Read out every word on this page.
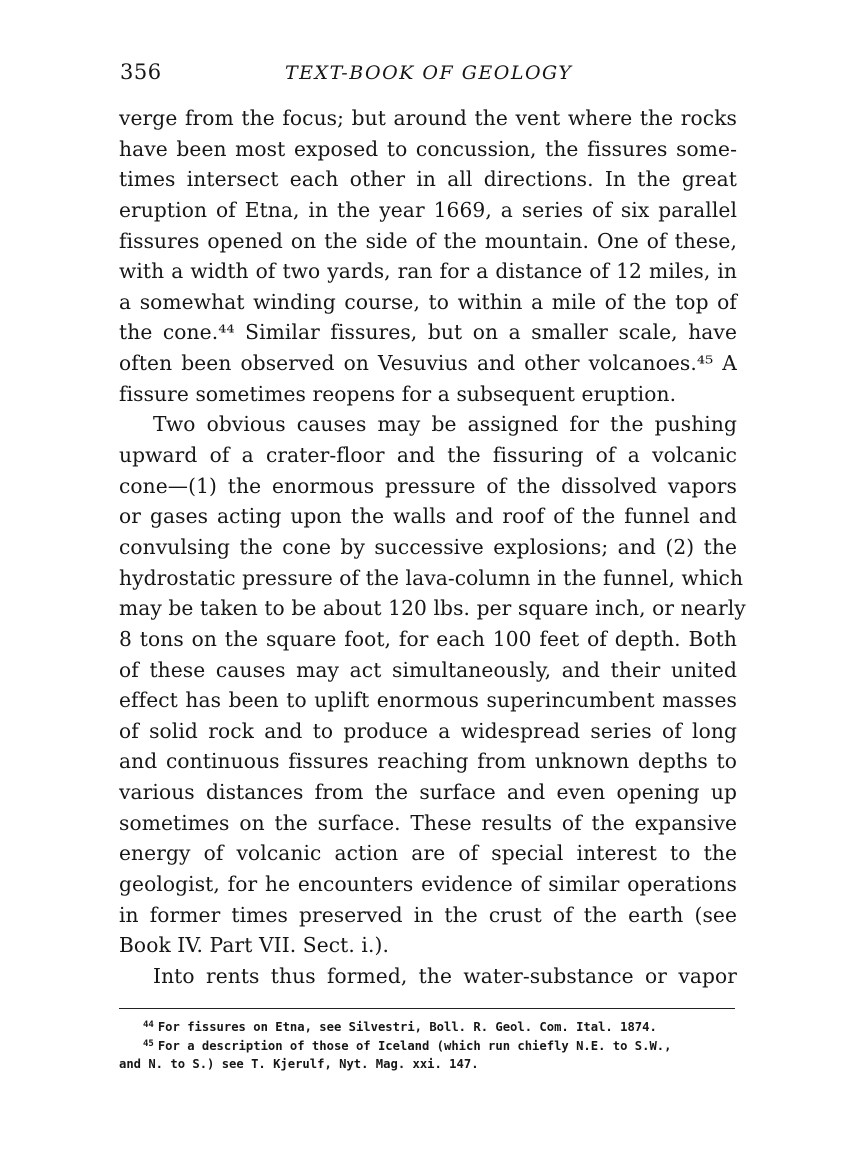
356	TEXT-BOOK OF GEOLOGY
verge from the focus; but around the vent where the rocks
have been most exposed to concussion, the fissures some-
times intersect each other in all directions. In the great
eruption of Etna, in the year 1669, a series of six parallel
fissures opened on the side of the mountain. One of these,
with a width of two yards, ran for a distance of 12 miles, in
a somewhat winding course, to within a mile of the top of
the cone.⁴⁴ Similar fissures, but on a smaller scale, have
often been observed on Vesuvius and other volcanoes.⁴⁵ A
fissure sometimes reopens for a subsequent eruption.
Two obvious causes may be assigned for the pushing
upward of a crater-floor and the fissuring of a volcanic
cone—(1) the enormous pressure of the dissolved vapors
or gases acting upon the walls and roof of the funnel and
convulsing the cone by successive explosions; and (2) the
hydrostatic pressure of the lava-column in the funnel, which
may be taken to be about 120 lbs. per square inch, or nearly
8 tons on the square foot, for each 100 feet of depth. Both
of these causes may act simultaneously, and their united
effect has been to uplift enormous superincumbent masses
of solid rock and to produce a widespread series of long
and continuous fissures reaching from unknown depths to
various distances from the surface and even opening up
sometimes on the surface. These results of the expansive
energy of volcanic action are of special interest to the
geologist, for he encounters evidence of similar operations
in former times preserved in the crust of the earth (see
Book IV. Part VII. Sect. i.).
Into rents thus formed, the water-substance or vapor
$^{44}$ For fissures on Etna, see Silvestri, Boll. R. Geol. Com. Ital. 1874.
$^{45}$ For a description of those of Iceland (which run chiefly N.E. to S.W.,
and N. to S.) see T. Kjerulf, Nyt. Mag. xxi. 147.
